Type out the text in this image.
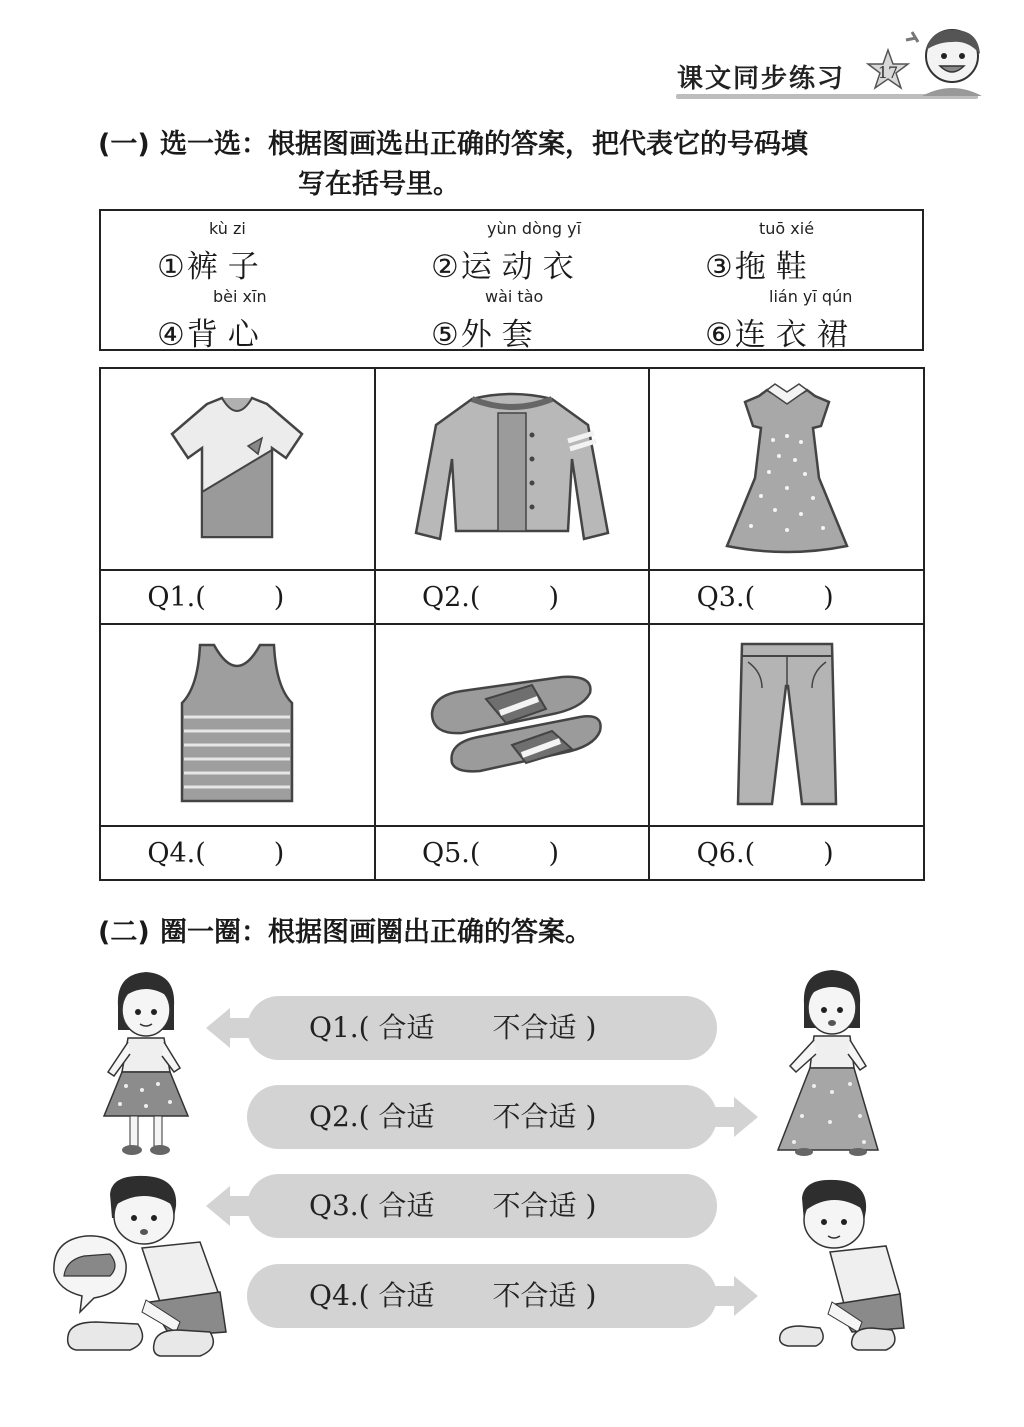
课文同步练习	17
(一) 选一选：根据图画选出正确的答案，把代表它的号码填
写在括号里。
kù zi
①裤子
yùn dòng yī
②运动衣
tuō xié
③拖鞋
bèi xīn
④背心
wài tào
⑤外套
lián yī qún
⑥连衣裙

Q1.( )	Q2.( )	Q3.( )

Q4.( )	Q5.( )	Q6.( )
(二) 圈一圈：根据图画圈出正确的答案。
Q1.( 合适 不合适 )
Q2.( 合适 不合适 )
Q3.( 合适 不合适 )
Q4.( 合适 不合适 )
